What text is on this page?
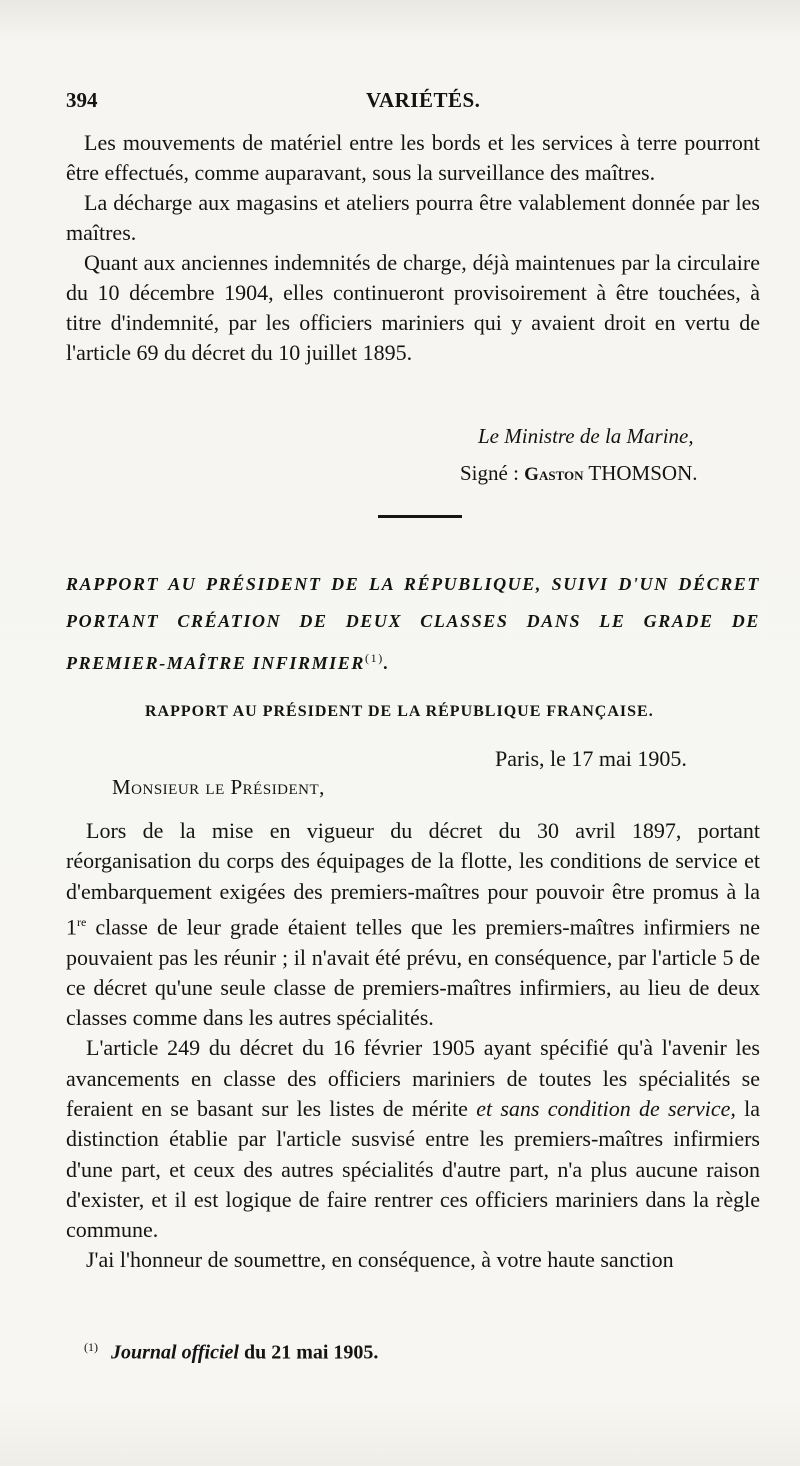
394	VARIÉTÉS.

Les mouvements de matériel entre les bords et les services à terre pourront être effectués, comme auparavant, sous la surveillance des maîtres.

La décharge aux magasins et ateliers pourra être valablement donnée par les maîtres.

Quant aux anciennes indemnités de charge, déjà maintenues par la circulaire du 10 décembre 1904, elles continueront provisoirement à être touchées, à titre d'indemnité, par les officiers mariniers qui y avaient droit en vertu de l'article 69 du décret du 10 juillet 1895.

Le Ministre de la Marine,
Signé : Gaston THOMSON.
RAPPORT AU PRÉSIDENT DE LA RÉPUBLIQUE, SUIVI D'UN DÉCRET PORTANT CRÉATION DE DEUX CLASSES DANS LE GRADE DE PREMIER-MAÎTRE INFIRMIER$^{(1)}$.
RAPPORT AU PRÉSIDENT DE LA RÉPUBLIQUE FRANÇAISE.
Paris, le 17 mai 1905.
Monsieur le Président,

Lors de la mise en vigueur du décret du 30 avril 1897, portant réorganisation du corps des équipages de la flotte, les conditions de service et d'embarquement exigées des premiers-maîtres pour pouvoir être promus à la 1re classe de leur grade étaient telles que les premiers-maîtres infirmiers ne pouvaient pas les réunir ; il n'avait été prévu, en conséquence, par l'article 5 de ce décret qu'une seule classe de premiers-maîtres infirmiers, au lieu de deux classes comme dans les autres spécialités.

L'article 249 du décret du 16 février 1905 ayant spécifié qu'à l'avenir les avancements en classe des officiers mariniers de toutes les spécialités se feraient en se basant sur les listes de mérite et sans condition de service, la distinction établie par l'article susvisé entre les premiers-maîtres infirmiers d'une part, et ceux des autres spécialités d'autre part, n'a plus aucune raison d'exister, et il est logique de faire rentrer ces officiers mariniers dans la règle commune.

J'ai l'honneur de soumettre, en conséquence, à votre haute sanction

$^{(1)}$ Journal officiel du 21 mai 1905.
